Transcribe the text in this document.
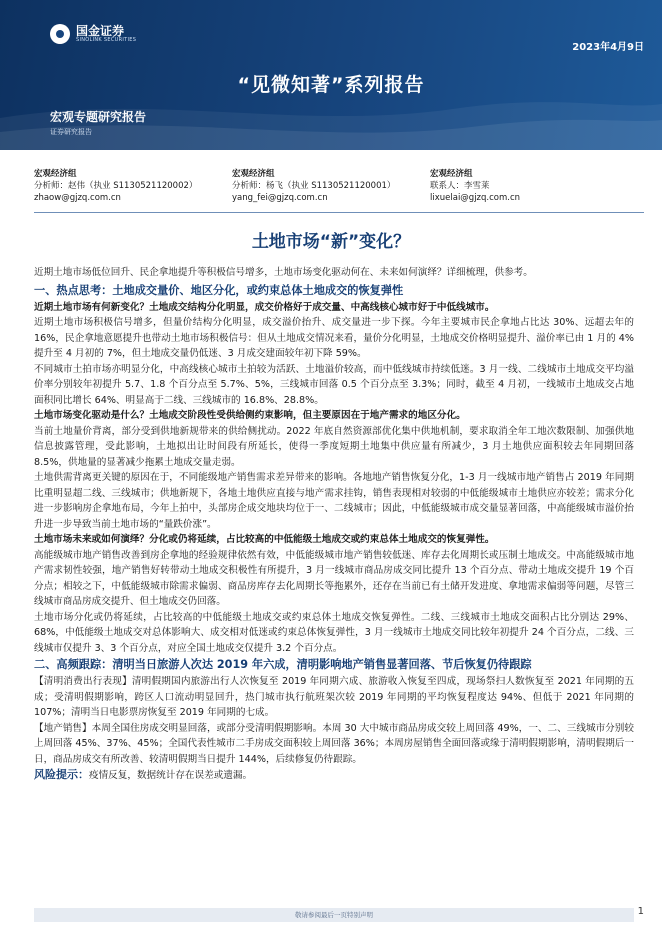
国金证券
SINOLINK SECURITIES
2023年4月9日
“见微知著”系列报告
宏观专题研究报告
证券研究报告
宏观经济组
分析师：赵伟（执业 S1130521120002）
zhaow@gjzq.com.cn
宏观经济组
分析师：杨飞（执业 S1130521120001）
yang_fei@gjzq.com.cn
宏观经济组
联系人：李雪莱
lixuelai@gjzq.com.cn
土地市场“新”变化？

近期土地市场低位回升、民企拿地提升等积极信号增多，土地市场变化驱动何在、未来如何演绎？详细梳理，供参考。

一、热点思考：土地成交量价、地区分化，或约束总体土地成交的恢复弹性

近期土地市场有何新变化？土地成交结构分化明显，成交价格好于成交量、中高线核心城市好于中低线城市。

近期土地市场积极信号增多，但量价结构分化明显，成交溢价抬升、成交量进一步下探。今年主要城市民企拿地占比达 30%、远超去年的 16%，民企拿地意愿提升也带动土地市场积极信号：但从土地成交情况来看，量价分化明显，土地成交价格明显提升、溢价率已由 1 月的 4%提升至 4 月初的 7%，但土地成交量仍低迷、3 月成交建面较年初下降 59%。

不同城市土拍市场亦明显分化，中高线核心城市土拍较为活跃、土地溢价较高，而中低线城市持续低迷。3 月一线、二线城市土地成交平均溢价率分别较年初提升 5.7、1.8 个百分点至 5.7%、5%，三线城市回落 0.5 个百分点至 3.3%；同时，截至 4 月初，一线城市土地成交占地面积同比增长 64%、明显高于二线、三线城市的 16.8%、28.8%。

土地市场变化驱动是什么？土地成交阶段性受供给侧约束影响，但主要原因在于地产需求的地区分化。

当前土地量价背离，部分受到供地新规带来的供给侧扰动。2022 年底自然资源部优化集中供地机制，要求取消全年工地次数限制、加强供地信息披露管理，受此影响，土地拟出让时间段有所延长，使得一季度短期土地集中供应量有所减少，3 月土地供应面积较去年同期回落 8.5%，供地量的显著减少拖累土地成交量走弱。

土地供需背离更关键的原因在于，不同能级地产销售需求差异带来的影响。各地地产销售恢复分化，1-3 月一线城市地产销售占 2019 年同期比重明显超二线、三线城市；供地新规下，各地土地供应直接与地产需求挂钩，销售表现相对较弱的中低能级城市土地供应亦较差；需求分化进一步影响房企拿地布局，今年上拍中，头部房企成交地块均位于一、二线城市；因此，中低能级城市成交量显著回落，中高能级城市溢价抬升进一步导致当前土地市场的“量跌价涨”。

土地市场未来或如何演绎？分化或仍将延续，占比较高的中低能级土地成交或约束总体土地成交的恢复弹性。

高能级城市地产销售改善到房企拿地的经验规律依然有效，中低能级城市地产销售较低迷、库存去化周期长或压制土地成交。中高能级城市地产需求韧性较强，地产销售好转带动土地成交积极性有所提升，3 月一线城市商品房成交同比提升 13 个百分点、带动土地成交提升 19 个百分点；相较之下，中低能级城市除需求偏弱、商品房库存去化周期长等拖累外，还存在当前已有土储开发进度、拿地需求偏弱等问题，尽管三线城市商品房成交提升、但土地成交仍回落。

土地市场分化或仍将延续，占比较高的中低能级土地成交或约束总体土地成交恢复弹性。二线、三线城市土地成交面积占比分别达 29%、68%，中低能级土地成交对总体影响大、成交相对低迷或约束总体恢复弹性，3 月一线城市土地成交同比较年初提升 24 个百分点，二线、三线城市仅提升 3、3 个百分点，对应全国土地成交仅提升 3.2 个百分点。

二、高频跟踪：清明当日旅游人次达 2019 年六成，清明影响地产销售显著回落、节后恢复仍待跟踪

【清明消费出行表现】清明假期国内旅游出行人次恢复至 2019 年同期六成、旅游收入恢复至四成，现场祭扫人数恢复至 2021 年同期的五成；受清明假期影响，跨区人口流动明显回升，热门城市执行航班架次较 2019 年同期的平均恢复程度达 94%、但低于 2021 年同期的 107%；清明当日电影票房恢复至 2019 年同期的七成。

【地产销售】本周全国住房成交明显回落，或部分受清明假期影响。本周 30 大中城市商品房成交较上周回落 49%，一、二、三线城市分别较上周回落 45%、37%、45%；全国代表性城市二手房成交面积较上周回落 36%；本周房屋销售全面回落或缘于清明假期影响，清明假期后一日，商品房成交有所改善、较清明假期当日提升 144%，后续修复仍待跟踪。

风险提示：疫情反复，数据统计存在误差或遗漏。

敬请参阅最后一页特别声明	1
